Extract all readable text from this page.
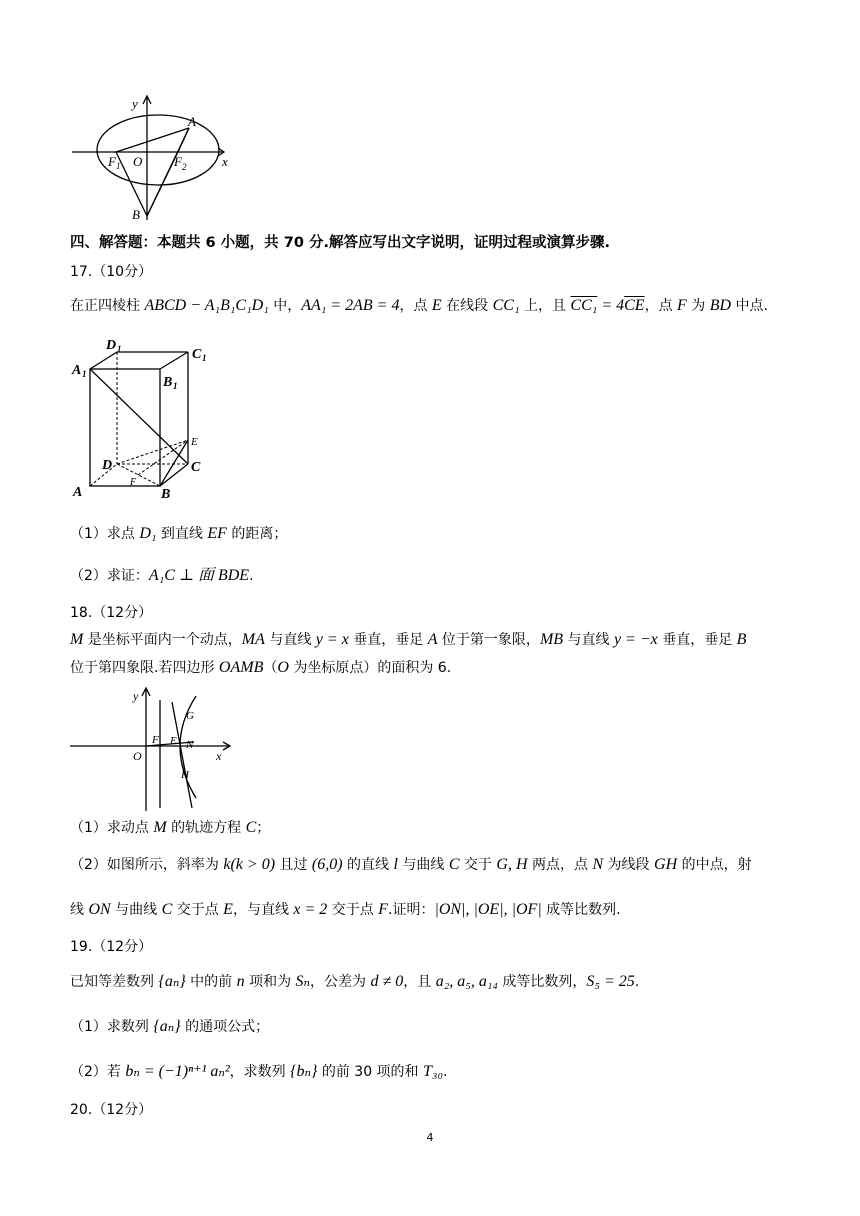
y
x
O
F 1	F 2
A
B
四、解答题：本题共 6 小题，共 70 分.解答应写出文字说明，证明过程或演算步骤.
17.（10分）
在正四棱柱 ABCD − A₁B₁C₁D₁ 中，AA₁ = 2AB = 4，点 E 在线段 CC₁ 上，且 $CC_1 = 4\overline{CE}$，点 F 为 BD 中点.
D 1	C 1
A 1
B 1
E
D	C
F
A	B
（1）求点 D₁ 到直线 EF 的距离；
（2）求证：A₁C ⊥ 面 BDE.
18.（12分）
M 是坐标平面内一个动点，MA 与直线 y = x 垂直，垂足 A 位于第一象限，MB 与直线 y = −x 垂直，垂足 B
位于第四象限.若四边形 OAMB（O 为坐标原点）的面积为 6.
y
x
O
F E N
G
H
（1）求动点 M 的轨迹方程 C；
（2）如图所示，斜率为 k(k > 0) 且过 (6,0) 的直线 l 与曲线 C 交于 G, H 两点，点 N 为线段 GH 的中点，射
线 ON 与曲线 C 交于点 E，与直线 x = 2 交于点 F.证明：|ON|, |OE|, |OF| 成等比数列.
19.（12分）
已知等差数列 {aₙ} 中的前 n 项和为 Sₙ，公差为 d ≠ 0，且 a₂, a₅, a₁₄ 成等比数列，S₅ = 25.
（1）求数列 {aₙ} 的通项公式；
（2）若 bₙ = (−1)ⁿ⁺¹ aₙ²，求数列 {bₙ} 的前 30 项的和 T₃₀.
20.（12分）
4
